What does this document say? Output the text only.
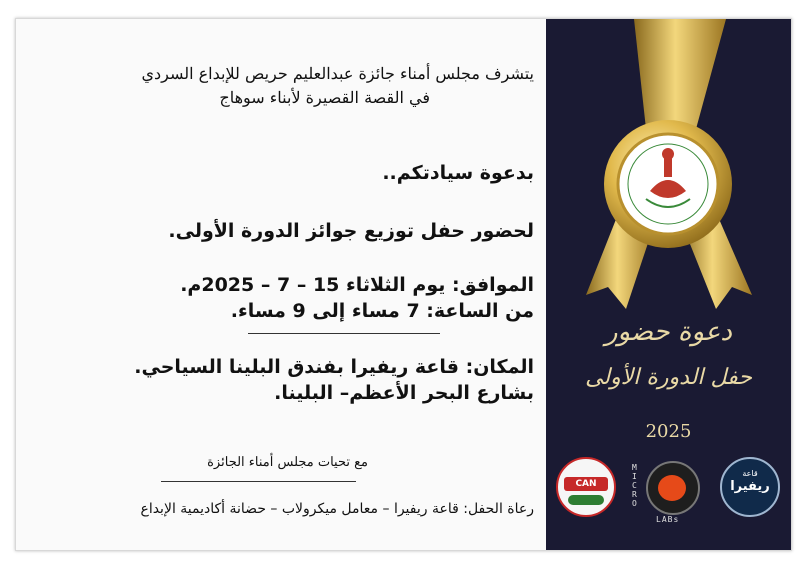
يتشرف مجلس أمناء جائزة عبدالعليم حريص للإبداع السردي
في القصة القصيرة لأبناء سوهاج
بدعوة سيادتكم..
لحضور حفل توزيع جوائز الدورة الأولى.
الموافق: يوم الثلاثاء 15 – 7 – 2025م.
من الساعة: 7 مساء إلى 9 مساء.
المكان: قاعة ريفيرا بفندق البلينا السياحي.
بشارع البحر الأعظم– البلينا.
مع تحيات مجلس أمناء الجائزة
رعاة الحفل: قاعة ريفيرا – معامل ميكرولاب – حضانة أكاديمية الإبداع
دعوة حضور
حفل الدورة الأولى
2025
CAN
MICRO
LABs
قاعة
ريفيرا
